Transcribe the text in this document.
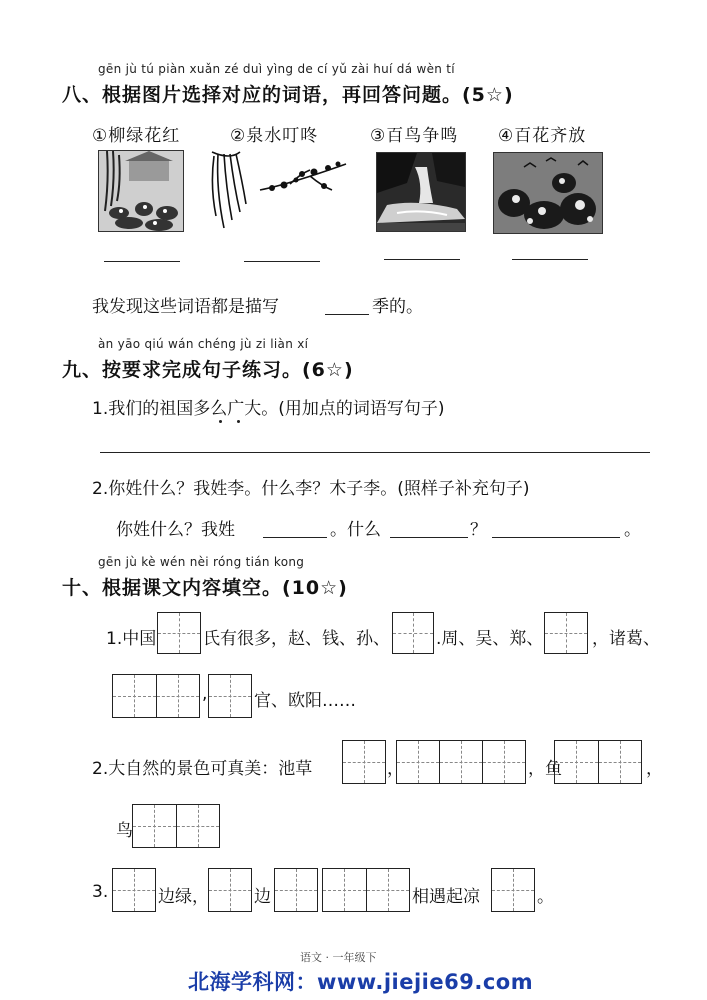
gēn jù tú piàn xuǎn zé duì yìng de cí yǔ zài huí dá wèn tí
八、根据图片选择对应的词语，再回答问题。(5☆)
①柳绿花红	②泉水叮咚	③百鸟争鸣 ④百花齐放
我发现这些词语都是描写	季的。
àn yāo qiú wán chéng jù zi liàn xí
九、按要求完成句子练习。(6☆)
1.我们的祖国多么广大。(用加点的词语写句子)
2.你姓什么？我姓李。什么李？木子李。(照样子补充句子)
你姓什么？我姓	。什么	？	。
gēn jù kè wén nèi róng tián kong
十、根据课文内容填空。(10☆)
1.中国	氏有很多，赵、钱、孙、	.周、吴、郑、	，诸葛、
,	官、欧阳……
2.大自然的景色可真美：池草	，	，鱼	，
鸟
3.	边绿，	边	相遇起凉	。
语文 · 一年级下
北海学科网：www.jiejie69.com
